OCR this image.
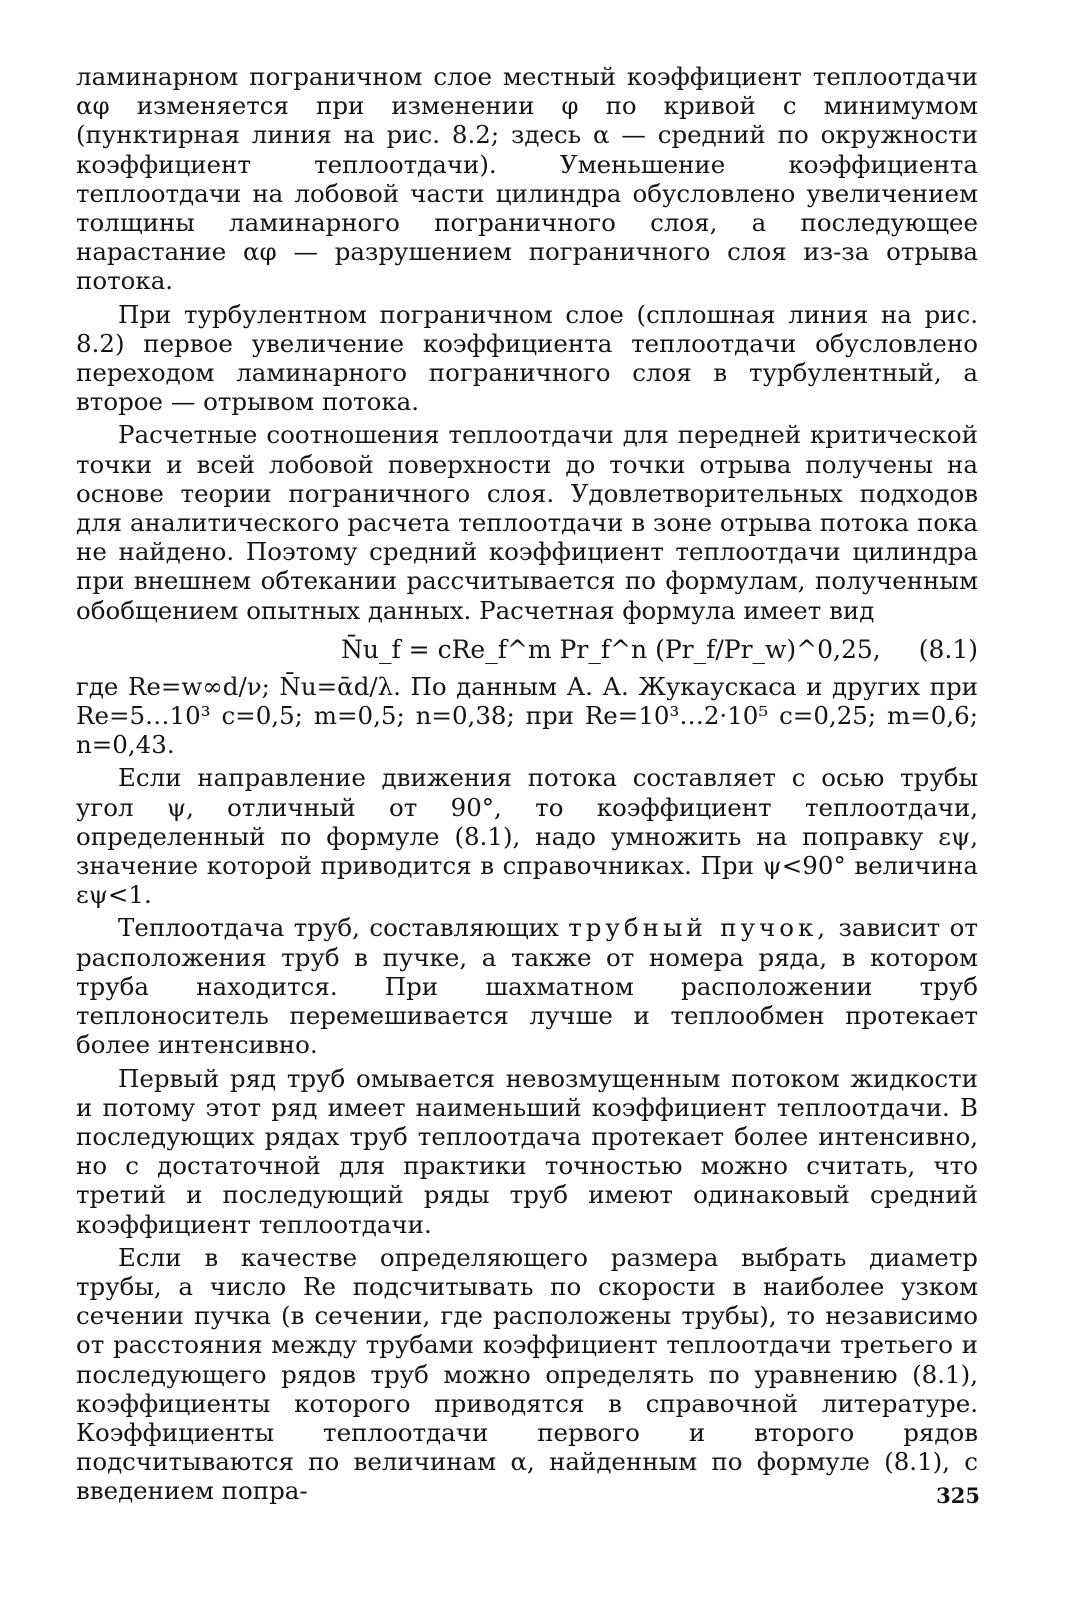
ламинарном пограничном слое местный коэффициент теплоотдачи αφ изменяется при изменении φ по кривой с минимумом (пунктирная линия на рис. 8.2; здесь α — средний по окружности коэффициент теплоотдачи). Уменьшение коэффициента теплоотдачи на лобовой части цилиндра обусловлено увеличением толщины ламинарного пограничного слоя, а последующее нарастание αφ — разрушением пограничного слоя из-за отрыва потока.

При турбулентном пограничном слое (сплошная линия на рис. 8.2) первое увеличение коэффициента теплоотдачи обусловлено переходом ламинарного пограничного слоя в турбулентный, а второе — отрывом потока.

Расчетные соотношения теплоотдачи для передней критической точки и всей лобовой поверхности до точки отрыва получены на основе теории пограничного слоя. Удовлетворительных подходов для аналитического расчета теплоотдачи в зоне отрыва потока пока не найдено. Поэтому средний коэффициент теплоотдачи цилиндра при внешнем обтекании рассчитывается по формулам, полученным обобщением опытных данных. Расчетная формула имеет вид

N̄u_f = cRe_f^m Pr_f^n (Pr_f/Pr_w)^0,25, (8.1)

где Re=w∞d/ν; N̄u=ᾱd/λ. По данным А. А. Жукаускаса и других при Re=5…10³ c=0,5; m=0,5; n=0,38; при Re=10³…2·10⁵ c=0,25; m=0,6; n=0,43.

Если направление движения потока составляет с осью трубы угол ψ, отличный от 90°, то коэффициент теплоотдачи, определенный по формуле (8.1), надо умножить на поправку εψ, значение которой приводится в справочниках. При ψ<90° величина εψ<1.

Теплоотдача труб, составляющих трубный пучок, зависит от расположения труб в пучке, а также от номера ряда, в котором труба находится. При шахматном расположении труб теплоноситель перемешивается лучше и теплообмен протекает более интенсивно.

Первый ряд труб омывается невозмущенным потоком жидкости и потому этот ряд имеет наименьший коэффициент теплоотдачи. В последующих рядах труб теплоотдача протекает более интенсивно, но с достаточной для практики точностью можно считать, что третий и последующий ряды труб имеют одинаковый средний коэффициент теплоотдачи.

Если в качестве определяющего размера выбрать диаметр трубы, а число Re подсчитывать по скорости в наиболее узком сечении пучка (в сечении, где расположены трубы), то независимо от расстояния между трубами коэффициент теплоотдачи третьего и последующего рядов труб можно определять по уравнению (8.1), коэффициенты которого приводятся в справочной литературе. Коэффициенты теплоотдачи первого и второго рядов подсчитываются по величинам α, найденным по формуле (8.1), с введением попра-	325
